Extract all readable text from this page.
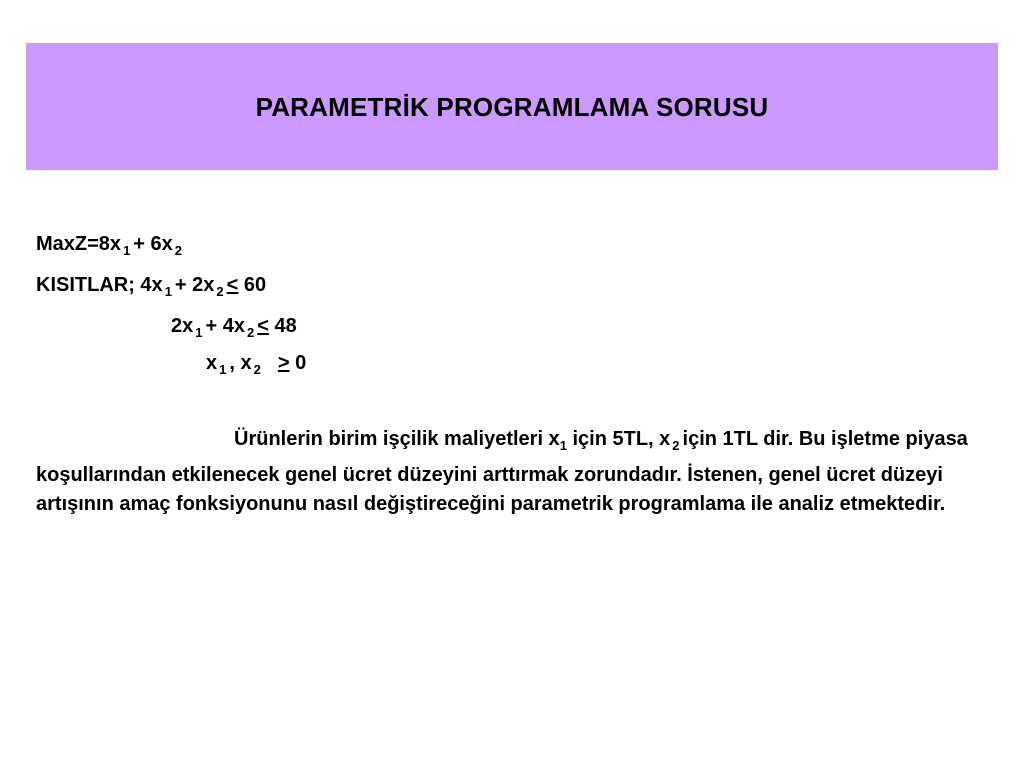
PARAMETRİK PROGRAMLAMA SORUSU
MaxZ=8x $_1$ + 6x $_2$
KISITLAR; 4x $_1$ + 2x $_2$ < 60
2x $_1$ + 4x $_2$ < 48
x $_1$ , x $_2$ > 0
Ürünlerin birim işçilik maliyetleri $x_1$ için 5TL, x $_2$ için 1TL dir. Bu işletme piyasa koşullarından etkilenecek genel ücret düzeyini arttırmak zorundadır. İstenen, genel ücret düzeyi artışının amaç fonksiyonunu nasıl değiştireceğini parametrik programlama ile analiz etmektedir.
